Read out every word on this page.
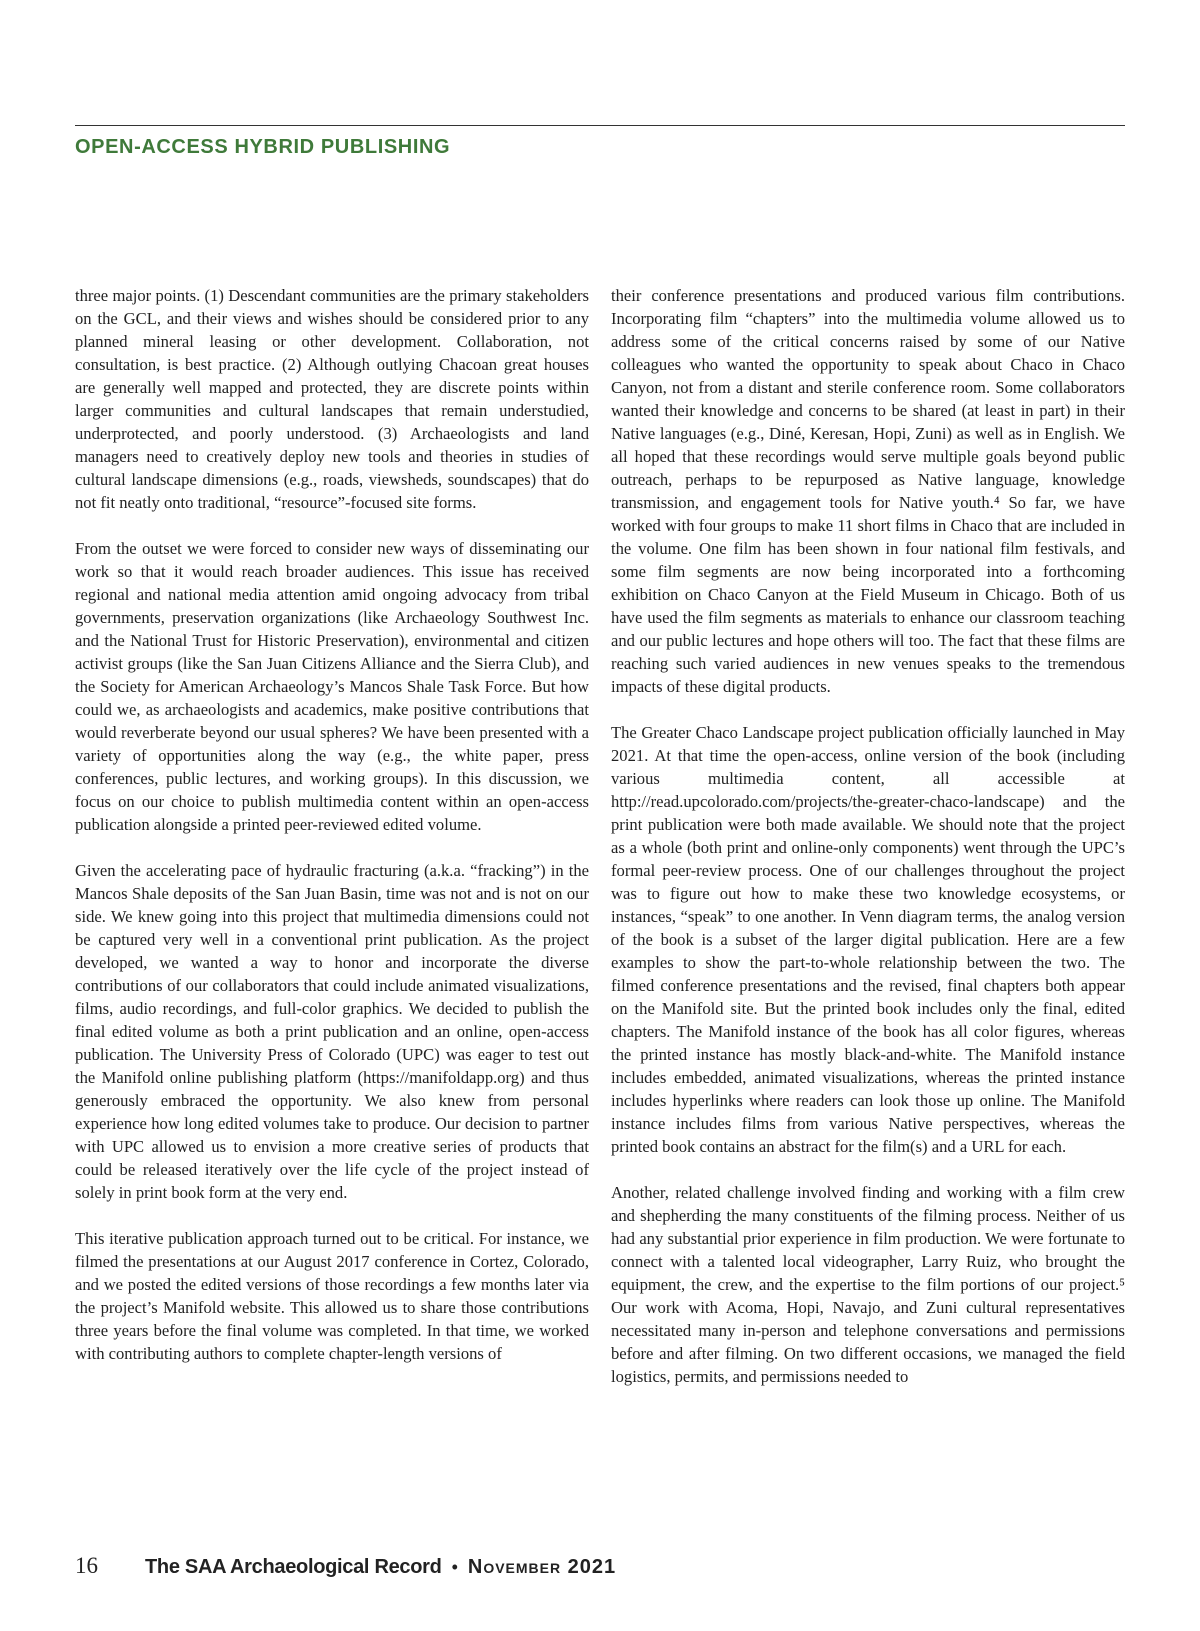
OPEN-ACCESS HYBRID PUBLISHING

three major points. (1) Descendant communities are the primary stakeholders on the GCL, and their views and wishes should be considered prior to any planned mineral leasing or other development. Collaboration, not consultation, is best practice. (2) Although outlying Chacoan great houses are generally well mapped and protected, they are discrete points within larger communities and cultural landscapes that remain understudied, underprotected, and poorly understood. (3) Archaeologists and land managers need to creatively deploy new tools and theories in studies of cultural landscape dimensions (e.g., roads, viewsheds, soundscapes) that do not fit neatly onto traditional, “resource”-focused site forms.

From the outset we were forced to consider new ways of disseminating our work so that it would reach broader audiences. This issue has received regional and national media attention amid ongoing advocacy from tribal governments, preservation organizations (like Archaeology Southwest Inc. and the National Trust for Historic Preservation), environmental and citizen activist groups (like the San Juan Citizens Alliance and the Sierra Club), and the Society for American Archaeology’s Mancos Shale Task Force. But how could we, as archaeologists and academics, make positive contributions that would reverberate beyond our usual spheres? We have been presented with a variety of opportunities along the way (e.g., the white paper, press conferences, public lectures, and working groups). In this discussion, we focus on our choice to publish multimedia content within an open-access publication alongside a printed peer-reviewed edited volume.

Given the accelerating pace of hydraulic fracturing (a.k.a. “fracking”) in the Mancos Shale deposits of the San Juan Basin, time was not and is not on our side. We knew going into this project that multimedia dimensions could not be captured very well in a conventional print publication. As the project developed, we wanted a way to honor and incorporate the diverse contributions of our collaborators that could include animated visualizations, films, audio recordings, and full-color graphics. We decided to publish the final edited volume as both a print publication and an online, open-access publication. The University Press of Colorado (UPC) was eager to test out the Manifold online publishing platform (https://manifoldapp.org) and thus generously embraced the opportunity. We also knew from personal experience how long edited volumes take to produce. Our decision to partner with UPC allowed us to envision a more creative series of products that could be released iteratively over the life cycle of the project instead of solely in print book form at the very end.

This iterative publication approach turned out to be critical. For instance, we filmed the presentations at our August 2017 conference in Cortez, Colorado, and we posted the edited versions of those recordings a few months later via the project’s Manifold website. This allowed us to share those contributions three years before the final volume was completed. In that time, we worked with contributing authors to complete chapter-length versions of

their conference presentations and produced various film contributions. Incorporating film “chapters” into the multimedia volume allowed us to address some of the critical concerns raised by some of our Native colleagues who wanted the opportunity to speak about Chaco in Chaco Canyon, not from a distant and sterile conference room. Some collaborators wanted their knowledge and concerns to be shared (at least in part) in their Native languages (e.g., Diné, Keresan, Hopi, Zuni) as well as in English. We all hoped that these recordings would serve multiple goals beyond public outreach, perhaps to be repurposed as Native language, knowledge transmission, and engagement tools for Native youth.⁴ So far, we have worked with four groups to make 11 short films in Chaco that are included in the volume. One film has been shown in four national film festivals, and some film segments are now being incorporated into a forthcoming exhibition on Chaco Canyon at the Field Museum in Chicago. Both of us have used the film segments as materials to enhance our classroom teaching and our public lectures and hope others will too. The fact that these films are reaching such varied audiences in new venues speaks to the tremendous impacts of these digital products.

The Greater Chaco Landscape project publication officially launched in May 2021. At that time the open-access, online version of the book (including various multimedia content, all accessible at http://read.upcolorado.com/projects/the-greater-chaco-landscape) and the print publication were both made available. We should note that the project as a whole (both print and online-only components) went through the UPC’s formal peer-review process. One of our challenges throughout the project was to figure out how to make these two knowledge ecosystems, or instances, “speak” to one another. In Venn diagram terms, the analog version of the book is a subset of the larger digital publication. Here are a few examples to show the part-to-whole relationship between the two. The filmed conference presentations and the revised, final chapters both appear on the Manifold site. But the printed book includes only the final, edited chapters. The Manifold instance of the book has all color figures, whereas the printed instance has mostly black-and-white. The Manifold instance includes embedded, animated visualizations, whereas the printed instance includes hyperlinks where readers can look those up online. The Manifold instance includes films from various Native perspectives, whereas the printed book contains an abstract for the film(s) and a URL for each.

Another, related challenge involved finding and working with a film crew and shepherding the many constituents of the filming process. Neither of us had any substantial prior experience in film production. We were fortunate to connect with a talented local videographer, Larry Ruiz, who brought the equipment, the crew, and the expertise to the film portions of our project.⁵ Our work with Acoma, Hopi, Navajo, and Zuni cultural representatives necessitated many in-person and telephone conversations and permissions before and after filming. On two different occasions, we managed the field logistics, permits, and permissions needed to

16	The SAA Archaeological Record • November 2021
